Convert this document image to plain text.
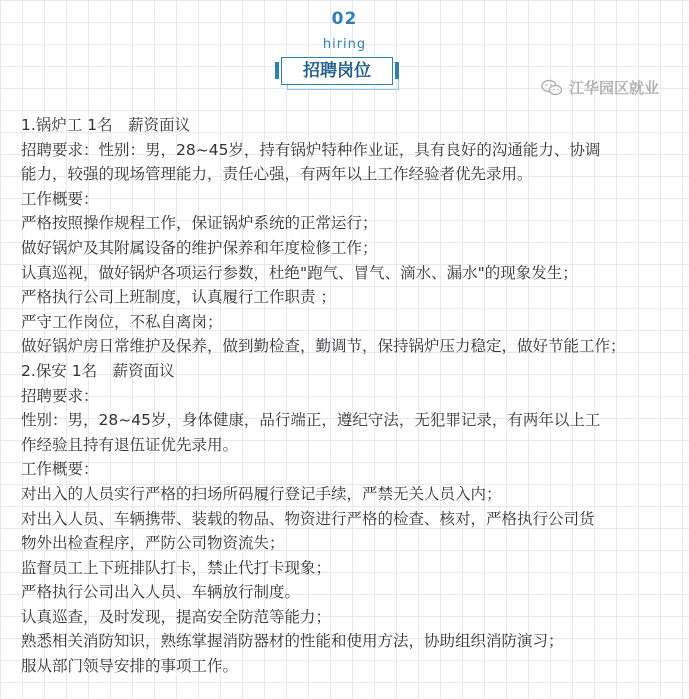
02
hiring
招聘岗位
江华园区就业

1.锅炉工 1名　薪资面议

招聘要求：性别：男，28~45岁，持有锅炉特种作业证，具有良好的沟通能力、协调

能力，较强的现场管理能力，责任心强，有两年以上工作经验者优先录用。

工作概要：

严格按照操作规程工作，保证锅炉系统的正常运行；

做好锅炉及其附属设备的维护保养和年度检修工作；

认真巡视，做好锅炉各项运行参数，杜绝"跑气、冒气、滴水、漏水"的现象发生；

严格执行公司上班制度，认真履行工作职责 ；

严守工作岗位，不私自离岗；

做好锅炉房日常维护及保养，做到勤检查，勤调节，保持锅炉压力稳定，做好节能工作；

2.保安 1名　薪资面议

招聘要求：

性别：男，28~45岁，身体健康，品行端正，遵纪守法，无犯罪记录，有两年以上工

作经验且持有退伍证优先录用。

工作概要：

对出入的人员实行严格的扫场所码履行登记手续，严禁无关人员入内；

对出入人员、车辆携带、装载的物品、物资进行严格的检查、核对，严格执行公司货

物外出检查程序，严防公司物资流失；

监督员工上下班排队打卡，禁止代打卡现象；

严格执行公司出入人员、车辆放行制度。

认真巡查，及时发现，提高安全防范等能力；

熟悉相关消防知识，熟练掌握消防器材的性能和使用方法，协助组织消防演习；

服从部门领导安排的事项工作。
